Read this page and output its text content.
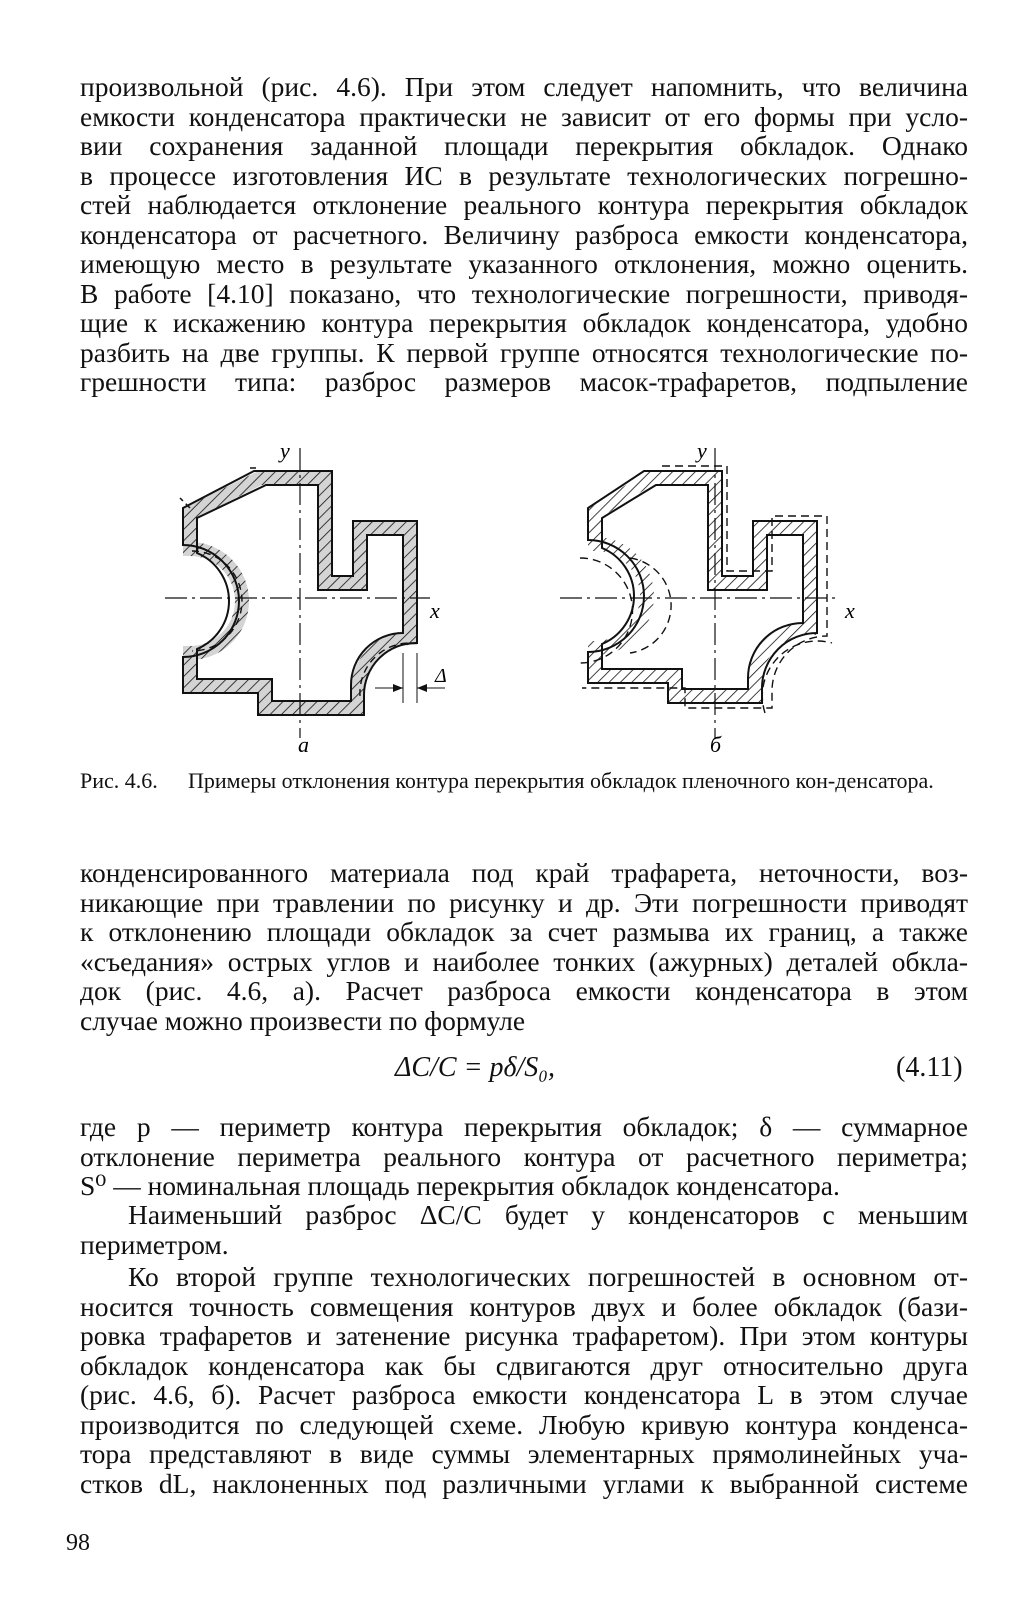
произвольной (рис. 4.6). При этом следует напомнить, что величина
емкости конденсатора практически не зависит от его формы при усло-
вии сохранения заданной площади перекрытия обкладок. Однако
в процессе изготовления ИС в результате технологических погрешно-
стей наблюдается отклонение реального контура перекрытия обкладок
конденсатора от расчетного. Величину разброса емкости конденсатора,
имеющую место в результате указанного отклонения, можно оценить.
В работе [4.10] показано, что технологические погрешности, приводя-
щие к искажению контура перекрытия обкладок конденсатора, удобно
разбить на две группы. К первой группе относятся технологические по-
грешности типа: разброс размеров масок-трафаретов, подпыление
Δ
y
x
а
y
x
б
Рис. 4.6. Примеры отклонения контура перекрытия обкладок пленочного кон-денсатора.
конденсированного материала под край трафарета, неточности, воз-
никающие при травлении по рисунку и др. Эти погрешности приводят
к отклонению площади обкладок за счет размыва их границ, а также
«съедания» острых углов и наиболее тонких (ажурных) деталей обкла-
док (рис. 4.6, а). Расчет разброса емкости конденсатора в этом
случае можно произвести по формуле
ΔC/C = pδ/S₀,	(4.11)
где p — периметр контура перекрытия обкладок; δ — суммарное
отклонение периметра реального контура от расчетного периметра;
S⁰ — номинальная площадь перекрытия обкладок конденсатора.
Наименьший разброс ΔC/C будет у конденсаторов с меньшим
периметром.
Ко второй группе технологических погрешностей в основном от-
носится точность совмещения контуров двух и более обкладок (бази-
ровка трафаретов и затенение рисунка трафаретом). При этом контуры
обкладок конденсатора как бы сдвигаются друг относительно друга
(рис. 4.6, б). Расчет разброса емкости конденсатора L в этом случае
производится по следующей схеме. Любую кривую контура конденса-
тора представляют в виде суммы элементарных прямолинейных уча-
стков dL, наклоненных под различными углами к выбранной системе
98
